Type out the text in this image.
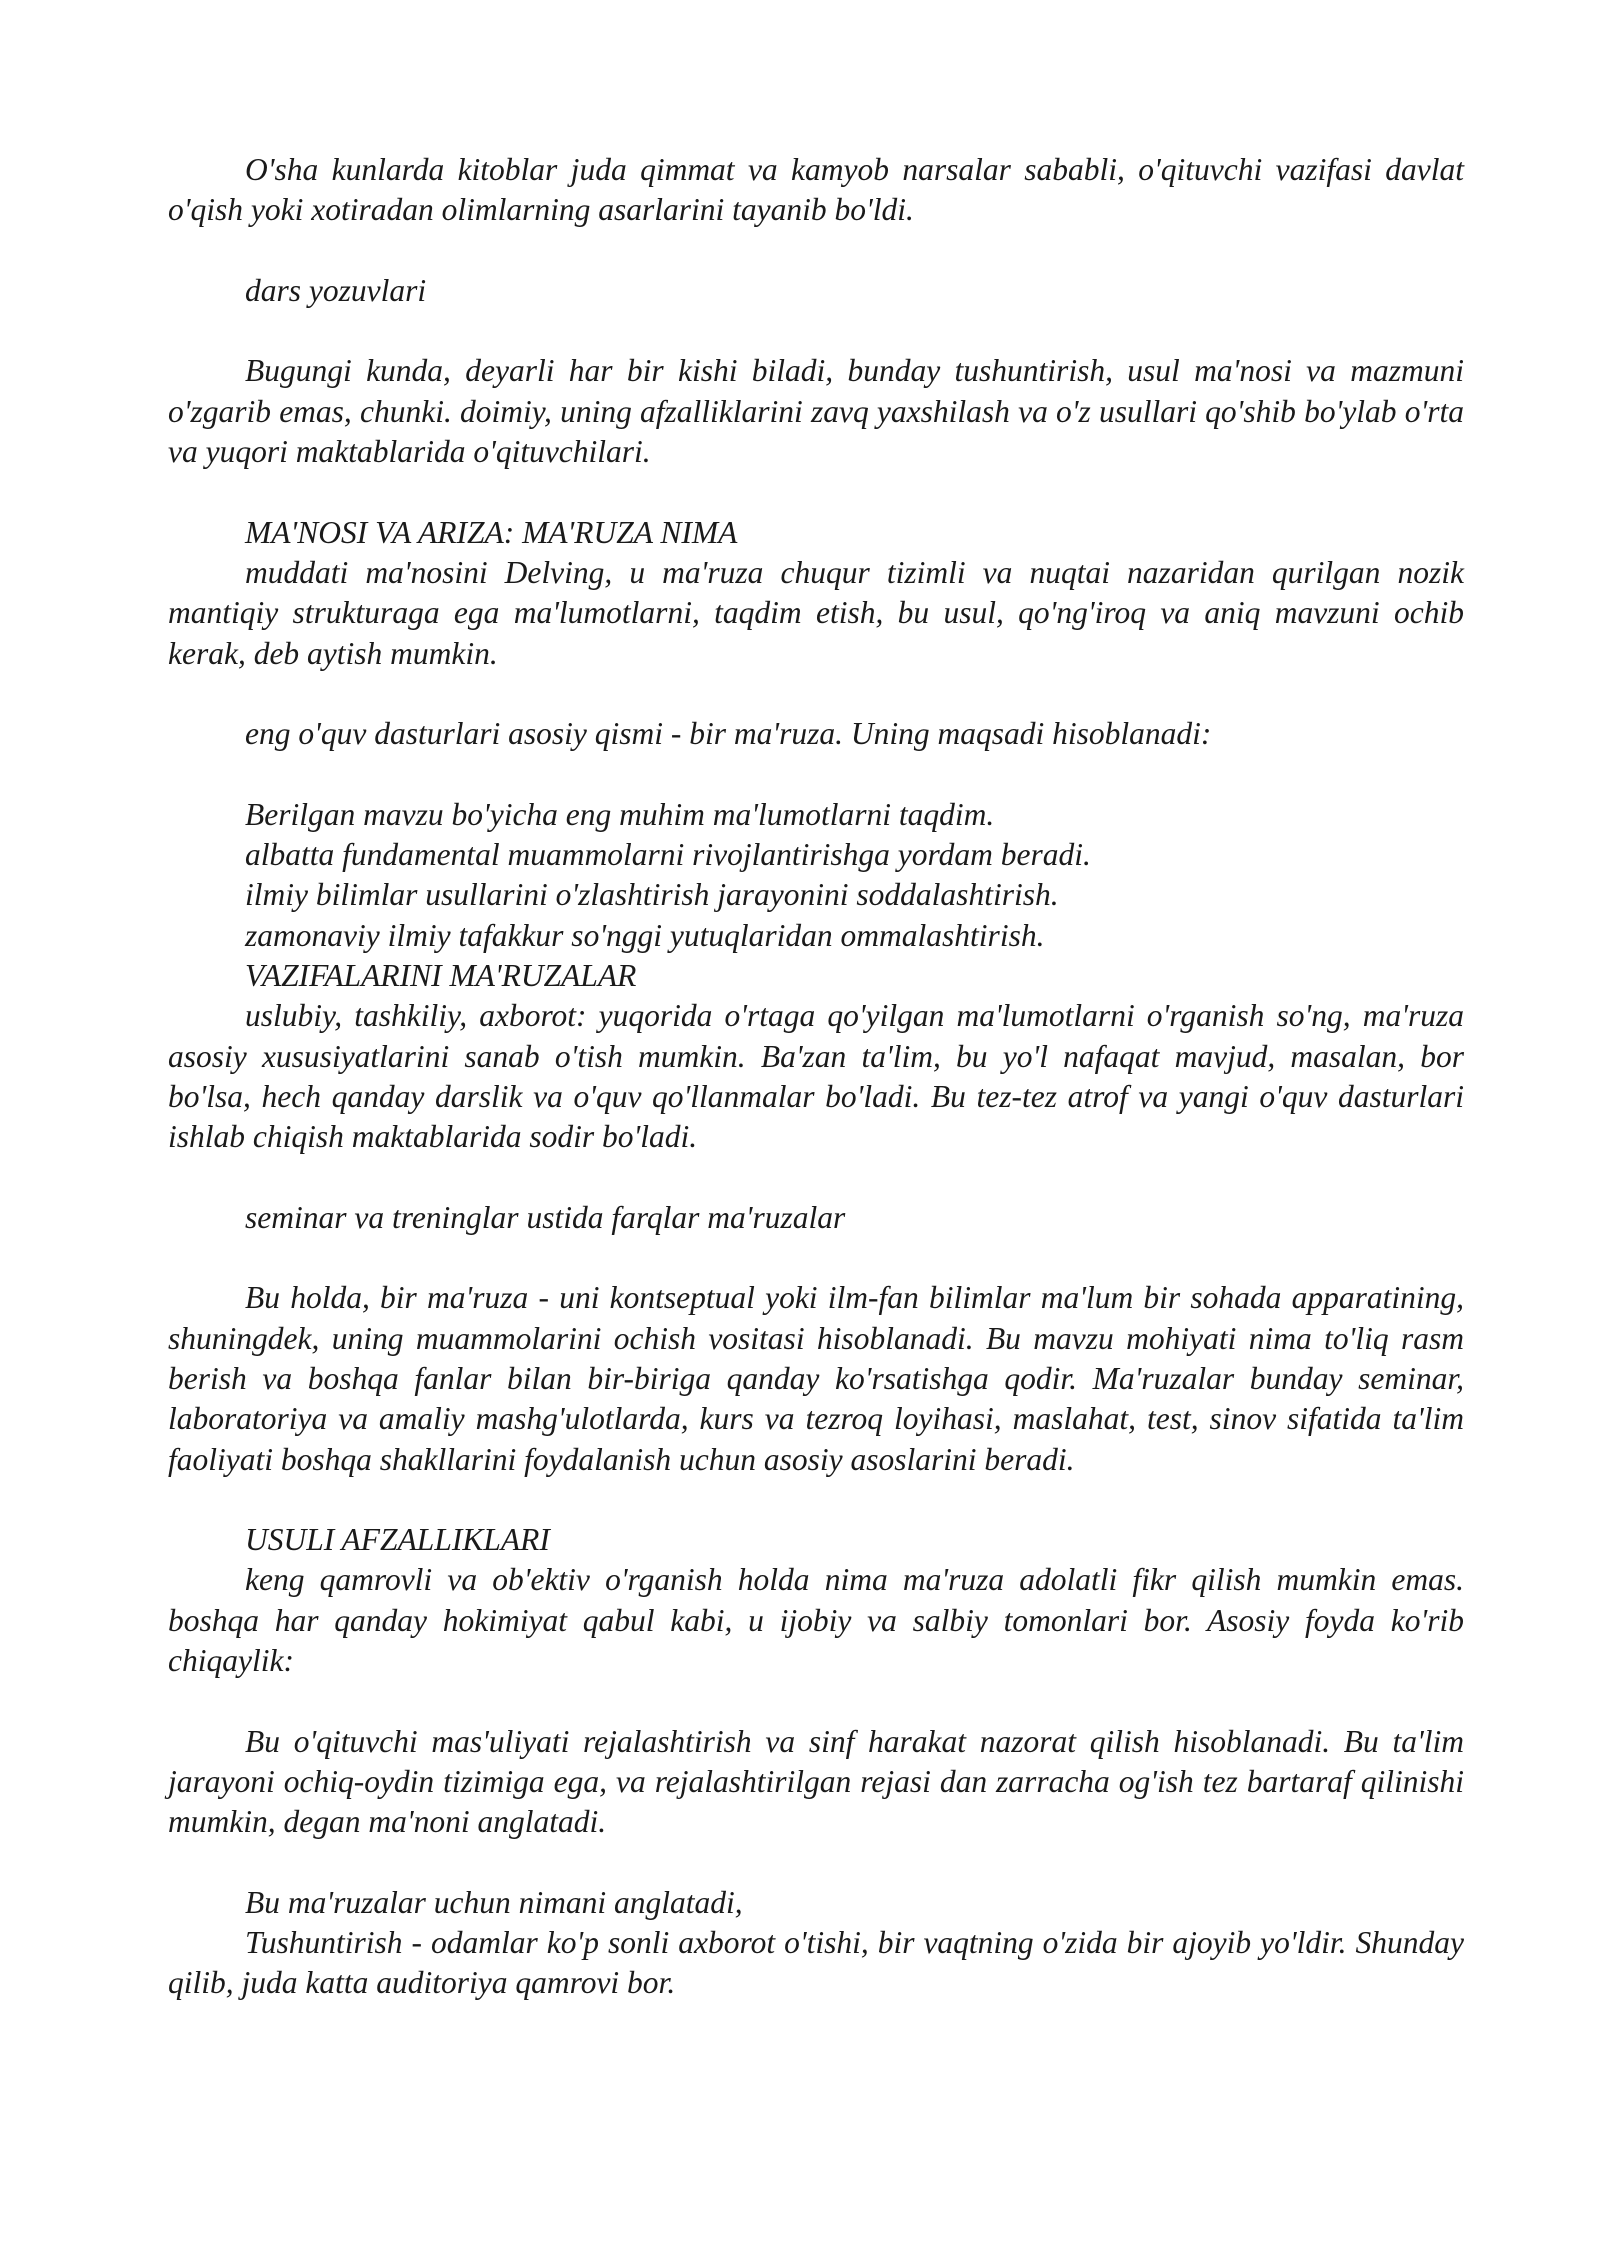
O'sha kunlarda kitoblar juda qimmat va kamyob narsalar sababli, o'qituvchi vazifasi davlat o'qish yoki xotiradan olimlarning asarlarini tayanib bo'ldi.

dars yozuvlari

Bugungi kunda, deyarli har bir kishi biladi, bunday tushuntirish, usul ma'nosi va mazmuni o'zgarib emas, chunki. doimiy, uning afzalliklarini zavq yaxshilash va o'z usullari qo'shib bo'ylab o'rta va yuqori maktablarida o'qituvchilari.

MA'NOSI VA ARIZA: MA'RUZA NIMA

muddati ma'nosini Delving, u ma'ruza chuqur tizimli va nuqtai nazaridan qurilgan nozik mantiqiy strukturaga ega ma'lumotlarni, taqdim etish, bu usul, qo'ng'iroq va aniq mavzuni ochib kerak, deb aytish mumkin.

eng o'quv dasturlari asosiy qismi - bir ma'ruza. Uning maqsadi hisoblanadi:

Berilgan mavzu bo'yicha eng muhim ma'lumotlarni taqdim.

albatta fundamental muammolarni rivojlantirishga yordam beradi.

ilmiy bilimlar usullarini o'zlashtirish jarayonini soddalashtirish.

zamonaviy ilmiy tafakkur so'nggi yutuqlaridan ommalashtirish.

VAZIFALARINI MA'RUZALAR

uslubiy, tashkiliy, axborot: yuqorida o'rtaga qo'yilgan ma'lumotlarni o'rganish so'ng, ma'ruza asosiy xususiyatlarini sanab o'tish mumkin. Ba'zan ta'lim, bu yo'l nafaqat mavjud, masalan, bor bo'lsa, hech qanday darslik va o'quv qo'llanmalar bo'ladi. Bu tez-tez atrof va yangi o'quv dasturlari ishlab chiqish maktablarida sodir bo'ladi.

seminar va treninglar ustida farqlar ma'ruzalar

Bu holda, bir ma'ruza - uni kontseptual yoki ilm-fan bilimlar ma'lum bir sohada apparatining, shuningdek, uning muammolarini ochish vositasi hisoblanadi. Bu mavzu mohiyati nima to'liq rasm berish va boshqa fanlar bilan bir-biriga qanday ko'rsatishga qodir. Ma'ruzalar bunday seminar, laboratoriya va amaliy mashg'ulotlarda, kurs va tezroq loyihasi, maslahat, test, sinov sifatida ta'lim faoliyati boshqa shakllarini foydalanish uchun asosiy asoslarini beradi.

USULI AFZALLIKLARI

keng qamrovli va ob'ektiv o'rganish holda nima ma'ruza adolatli fikr qilish mumkin emas. boshqa har qanday hokimiyat qabul kabi, u ijobiy va salbiy tomonlari bor. Asosiy foyda ko'rib chiqaylik:

Bu o'qituvchi mas'uliyati rejalashtirish va sinf harakat nazorat qilish hisoblanadi. Bu ta'lim jarayoni ochiq-oydin tizimiga ega, va rejalashtirilgan rejasi dan zarracha og'ish tez bartaraf qilinishi mumkin, degan ma'noni anglatadi.

Bu ma'ruzalar uchun nimani anglatadi,

Tushuntirish - odamlar ko'p sonli axborot o'tishi, bir vaqtning o'zida bir ajoyib yo'ldir. Shunday qilib, juda katta auditoriya qamrovi bor.
